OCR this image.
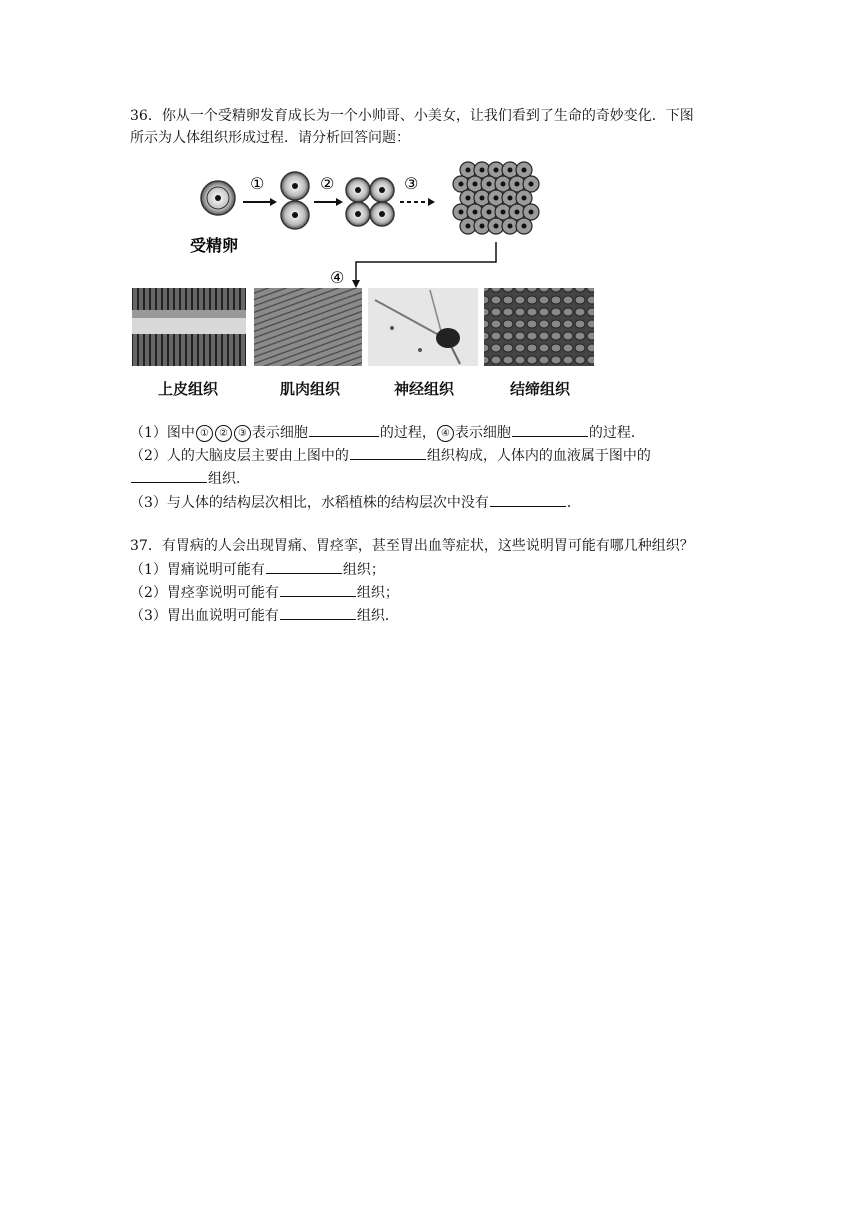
36．你从一个受精卵发育成长为一个小帅哥、小美女，让我们看到了生命的奇妙变化．下图
所示为人体组织形成过程．请分析回答问题：
受精卵
①	②	③
④
上皮组织	肌肉组织	神经组织	结缔组织
（1）图中 ① ② ③ 表示细胞	的过程， ④ 表示细胞	的过程．
（2）人的大脑皮层主要由上图中的	组织构成，人体内的血液属于图中的
组织．
（3）与人体的结构层次相比，水稻植株的结构层次中没有	．
37．有胃病的人会出现胃痛、胃痉挛，甚至胃出血等症状，这些说明胃可能有哪几种组织？
（1）胃痛说明可能有	组织；
（2）胃痉挛说明可能有	组织；
（3）胃出血说明可能有	组织．
